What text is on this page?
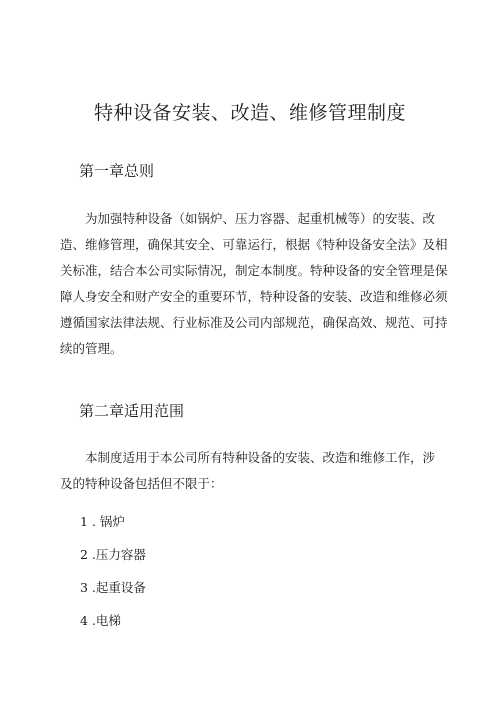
特种设备安装、改造、维修管理制度
第一章总则

为加强特种设备（如锅炉、压力容器、起重机械等）的安装、改
造、维修管理，确保其安全、可靠运行，根据《特种设备安全法》及相
关标准，结合本公司实际情况，制定本制度。特种设备的安全管理是保
障人身安全和财产安全的重要环节，特种设备的安装、改造和维修必须
遵循国家法律法规、行业标准及公司内部规范，确保高效、规范、可持
续的管理。

第二章适用范围

本制度适用于本公司所有特种设备的安装、改造和维修工作，涉
及的特种设备包括但不限于：

1 . 锅炉
2 .压力容器
3 .起重设备
4 .电梯
